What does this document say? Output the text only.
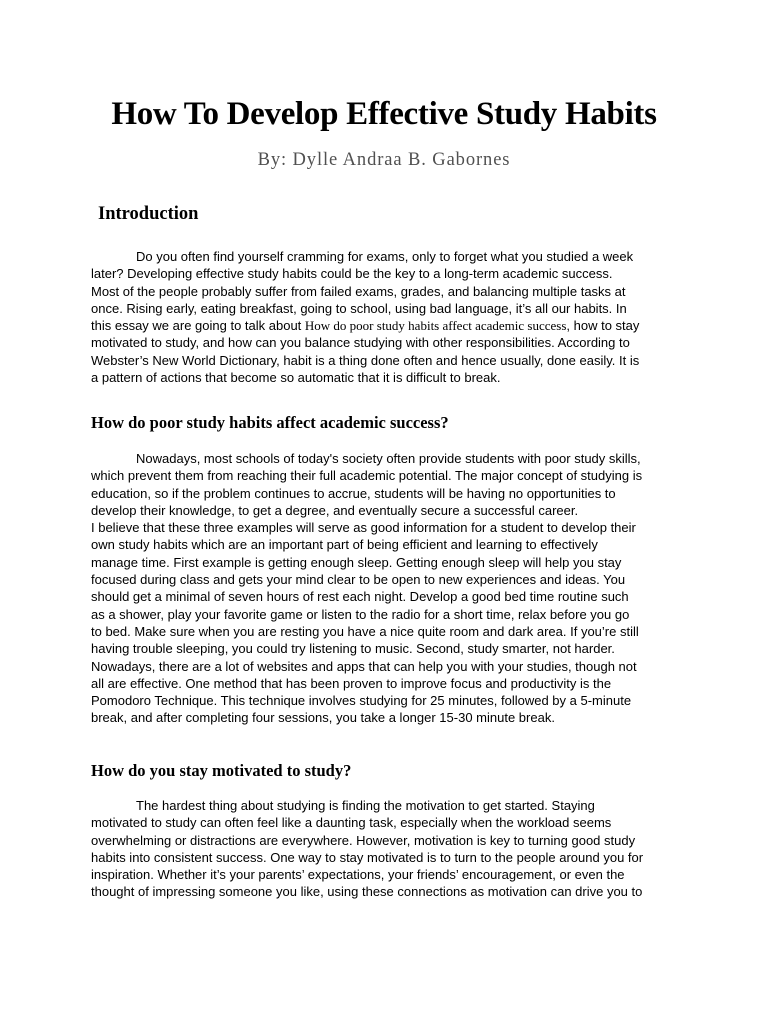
How To Develop Effective Study Habits
By: Dylle Andraa B. Gabornes
Introduction
Do you often find yourself cramming for exams, only to forget what you studied a week
later? Developing effective study habits could be the key to a long-term academic success.
Most of the people probably suffer from failed exams, grades, and balancing multiple tasks at
once. Rising early, eating breakfast, going to school, using bad language, it’s all our habits. In
this essay we are going to talk about How do poor study habits affect academic success, how to stay
motivated to study, and how can you balance studying with other responsibilities. According to
Webster’s New World Dictionary, habit is a thing done often and hence usually, done easily. It is
a pattern of actions that become so automatic that it is difficult to break.
How do poor study habits affect academic success?
Nowadays, most schools of today's society often provide students with poor study skills,
which prevent them from reaching their full academic potential. The major concept of studying is
education, so if the problem continues to accrue, students will be having no opportunities to
develop their knowledge, to get a degree, and eventually secure a successful career.
I believe that these three examples will serve as good information for a student to develop their
own study habits which are an important part of being efficient and learning to effectively
manage time. First example is getting enough sleep. Getting enough sleep will help you stay
focused during class and gets your mind clear to be open to new experiences and ideas. You
should get a minimal of seven hours of rest each night. Develop a good bed time routine such
as a shower, play your favorite game or listen to the radio for a short time, relax before you go
to bed. Make sure when you are resting you have a nice quite room and dark area. If you’re still
having trouble sleeping, you could try listening to music. Second, study smarter, not harder.
Nowadays, there are a lot of websites and apps that can help you with your studies, though not
all are effective. One method that has been proven to improve focus and productivity is the
Pomodoro Technique. This technique involves studying for 25 minutes, followed by a 5-minute
break, and after completing four sessions, you take a longer 15-30 minute break.
How do you stay motivated to study?
The hardest thing about studying is finding the motivation to get started. Staying
motivated to study can often feel like a daunting task, especially when the workload seems
overwhelming or distractions are everywhere. However, motivation is key to turning good study
habits into consistent success. One way to stay motivated is to turn to the people around you for
inspiration. Whether it’s your parents’ expectations, your friends’ encouragement, or even the
thought of impressing someone you like, using these connections as motivation can drive you to
